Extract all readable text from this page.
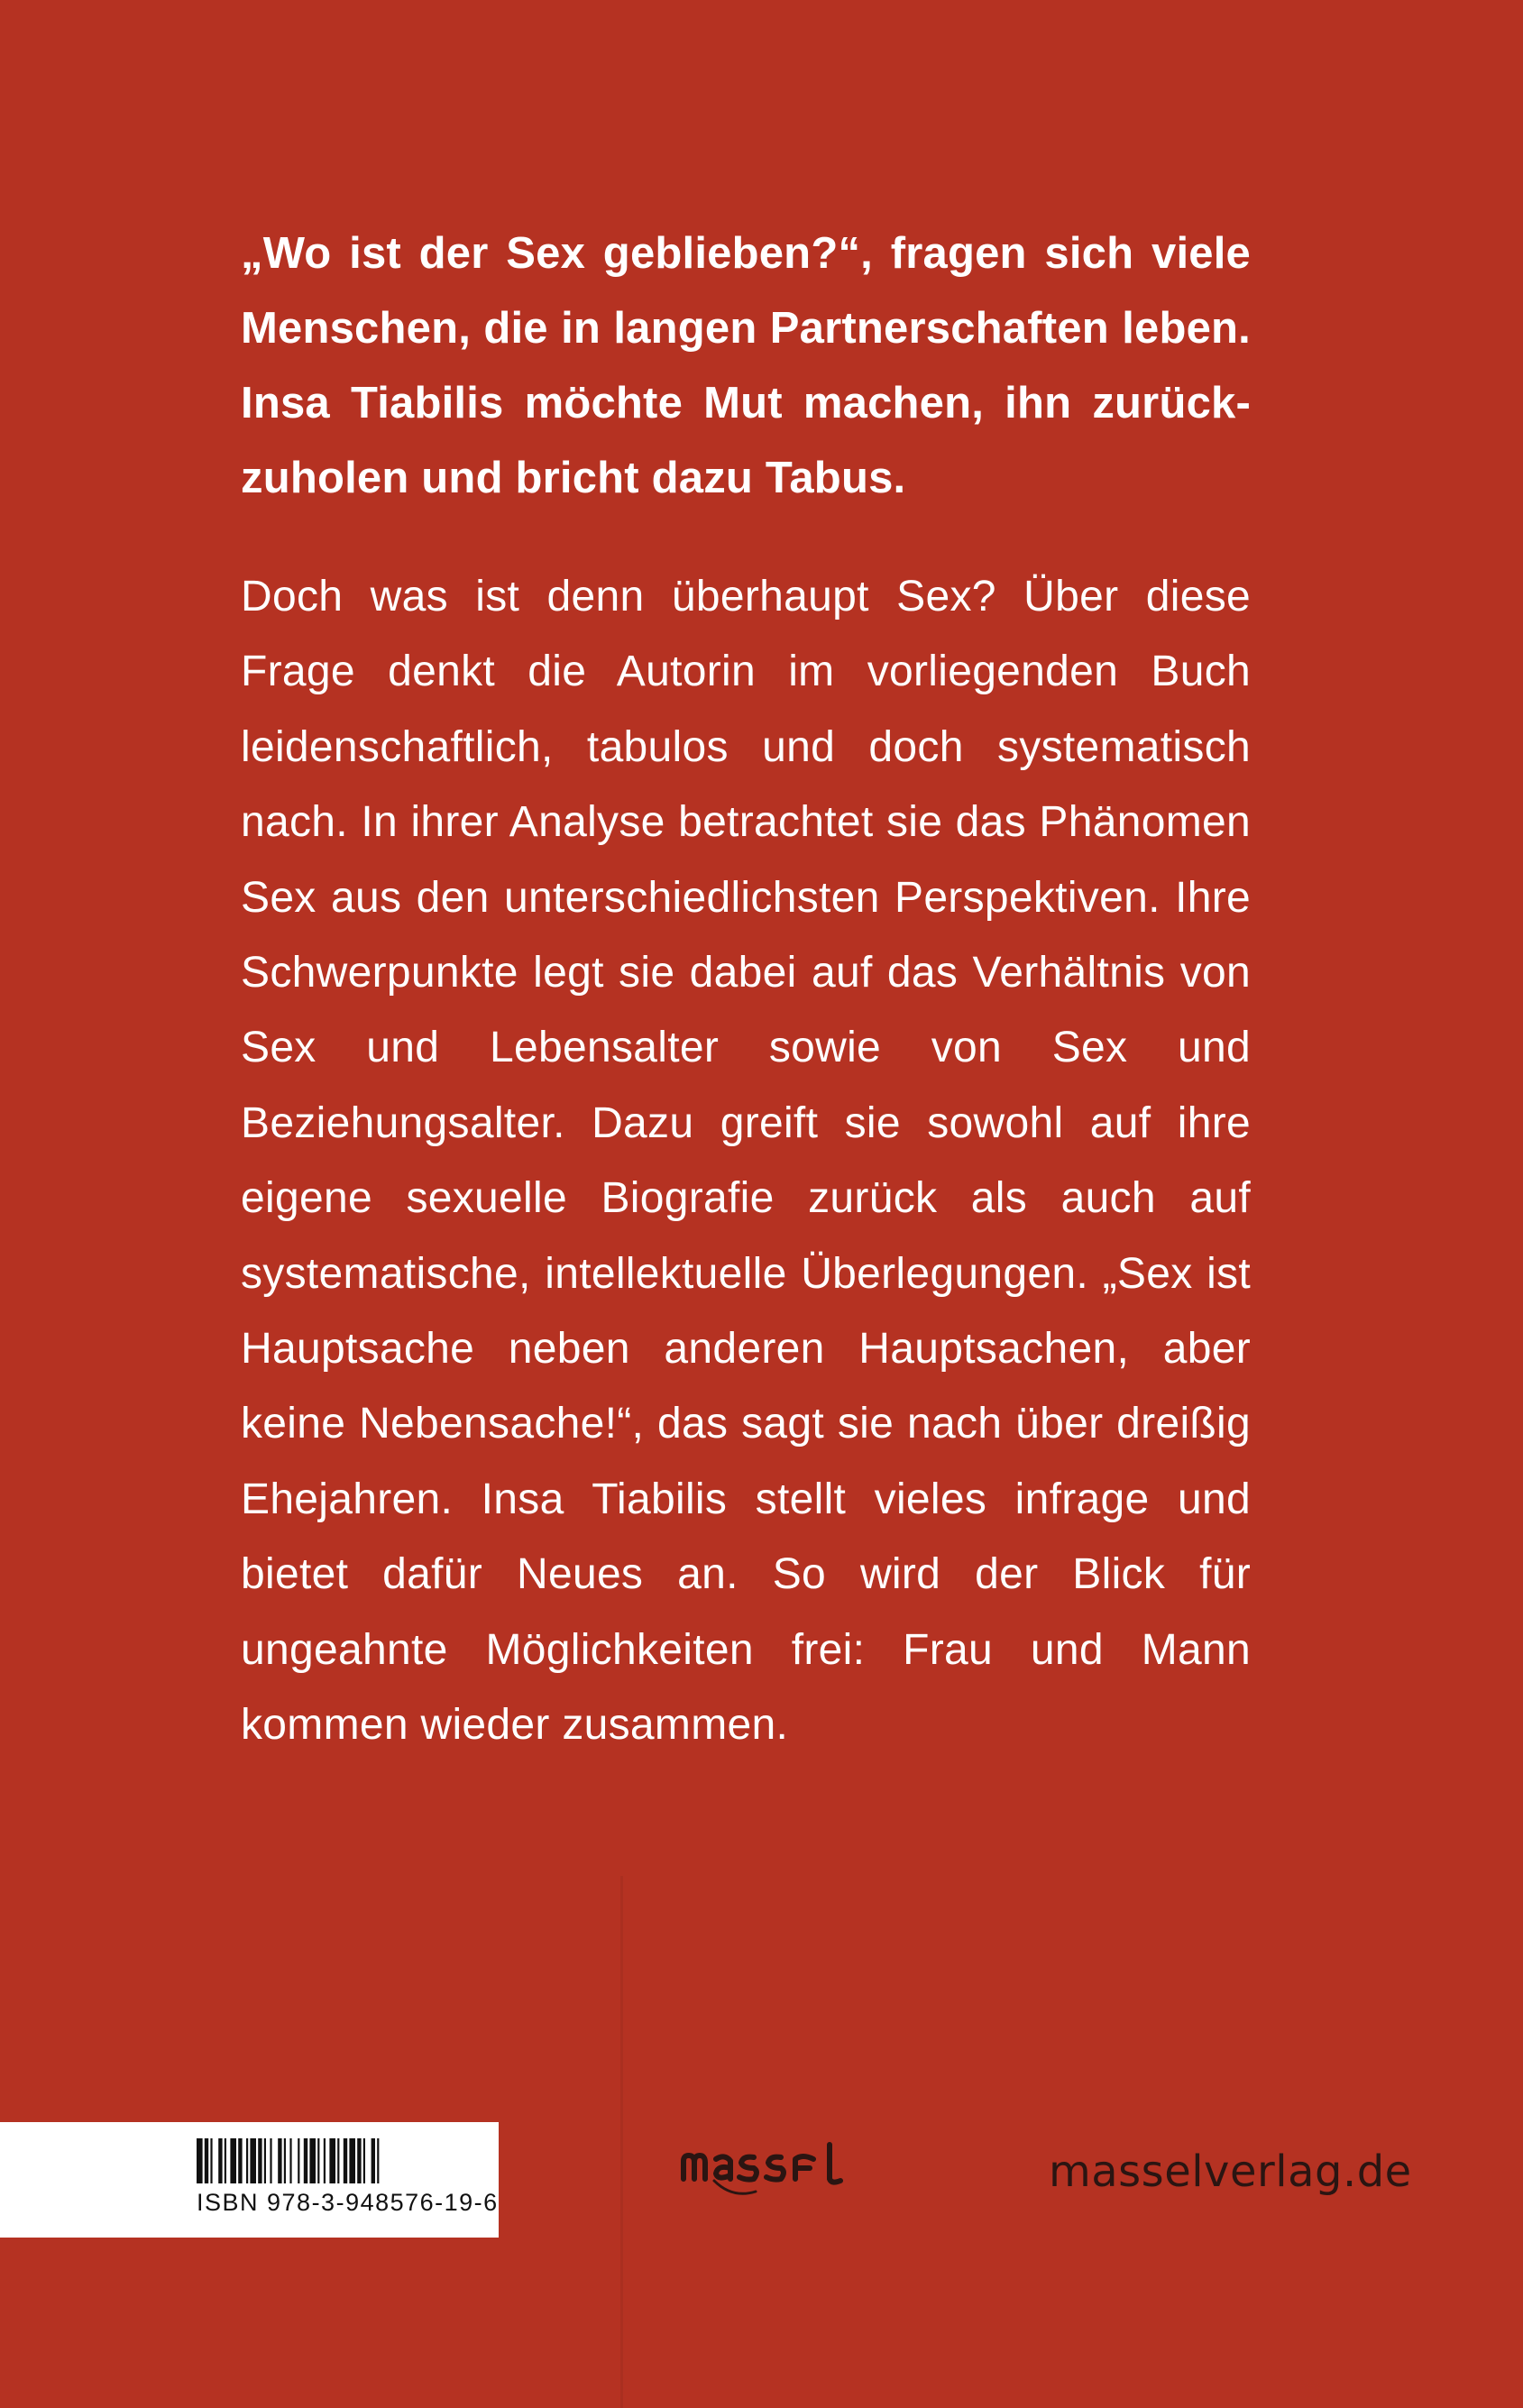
„Wo ist der Sex geblieben?“, fragen sich viele Menschen, die in langen Partnerschaften leben. Insa Tiabilis möchte Mut machen, ihn zurück-zuholen und bricht dazu Tabus.

Doch was ist denn überhaupt Sex? Über diese Frage denkt die Autorin im vorliegenden Buch leidenschaftlich, tabulos und doch systematisch nach. In ihrer Analyse betrachtet sie das Phänomen Sex aus den unterschiedlichsten Perspektiven. Ihre Schwerpunkte legt sie dabei auf das Verhältnis von Sex und Lebensalter sowie von Sex und Beziehungsalter. Dazu greift sie sowohl auf ihre eigene sexuelle Biografie zurück als auch auf systematische, intellektuelle Überlegungen. „Sex ist Hauptsache neben anderen Hauptsachen, aber keine Nebensache!“, das sagt sie nach über dreißig Ehejahren. Insa Tiabilis stellt vieles infrage und bietet dafür Neues an. So wird der Blick für ungeahnte Möglichkeiten frei: Frau und Mann kommen wieder zusammen.

ISBN 978-3-948576-19-6	massel
masselverlag.de
